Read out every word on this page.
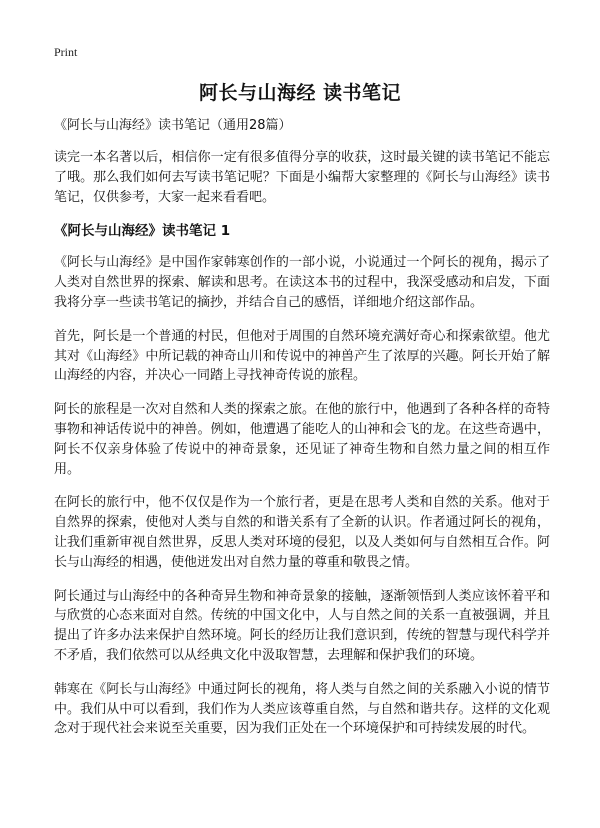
Print
阿长与山海经 读书笔记

《阿长与山海经》读书笔记（通用28篇）

读完一本名著以后，相信你一定有很多值得分享的收获，这时最关键的读书笔记不能忘了哦。那么我们如何去写读书笔记呢？下面是小编帮大家整理的《阿长与山海经》读书笔记，仅供参考，大家一起来看看吧。

《阿长与山海经》读书笔记 1

《阿长与山海经》是中国作家韩寒创作的一部小说，小说通过一个阿长的视角，揭示了人类对自然世界的探索、解读和思考。在读这本书的过程中，我深受感动和启发，下面我将分享一些读书笔记的摘抄，并结合自己的感悟，详细地介绍这部作品。

首先，阿长是一个普通的村民，但他对于周围的自然环境充满好奇心和探索欲望。他尤其对《山海经》中所记载的神奇山川和传说中的神兽产生了浓厚的兴趣。阿长开始了解山海经的内容，并决心一同踏上寻找神奇传说的旅程。

阿长的旅程是一次对自然和人类的探索之旅。在他的旅行中，他遇到了各种各样的奇特事物和神话传说中的神兽。例如，他遭遇了能吃人的山神和会飞的龙。在这些奇遇中，阿长不仅亲身体验了传说中的神奇景象，还见证了神奇生物和自然力量之间的相互作用。

在阿长的旅行中，他不仅仅是作为一个旅行者，更是在思考人类和自然的关系。他对于自然界的探索，使他对人类与自然的和谐关系有了全新的认识。作者通过阿长的视角，让我们重新审视自然世界，反思人类对环境的侵犯，以及人类如何与自然相互合作。阿长与山海经的相遇，使他迸发出对自然力量的尊重和敬畏之情。

阿长通过与山海经中的各种奇异生物和神奇景象的接触，逐渐领悟到人类应该怀着平和与欣赏的心态来面对自然。传统的中国文化中，人与自然之间的关系一直被强调，并且提出了许多办法来保护自然环境。阿长的经历让我们意识到，传统的智慧与现代科学并不矛盾，我们依然可以从经典文化中汲取智慧，去理解和保护我们的环境。

韩寒在《阿长与山海经》中通过阿长的视角，将人类与自然之间的关系融入小说的情节中。我们从中可以看到，我们作为人类应该尊重自然，与自然和谐共存。这样的文化观念对于现代社会来说至关重要，因为我们正处在一个环境保护和可持续发展的时代。
